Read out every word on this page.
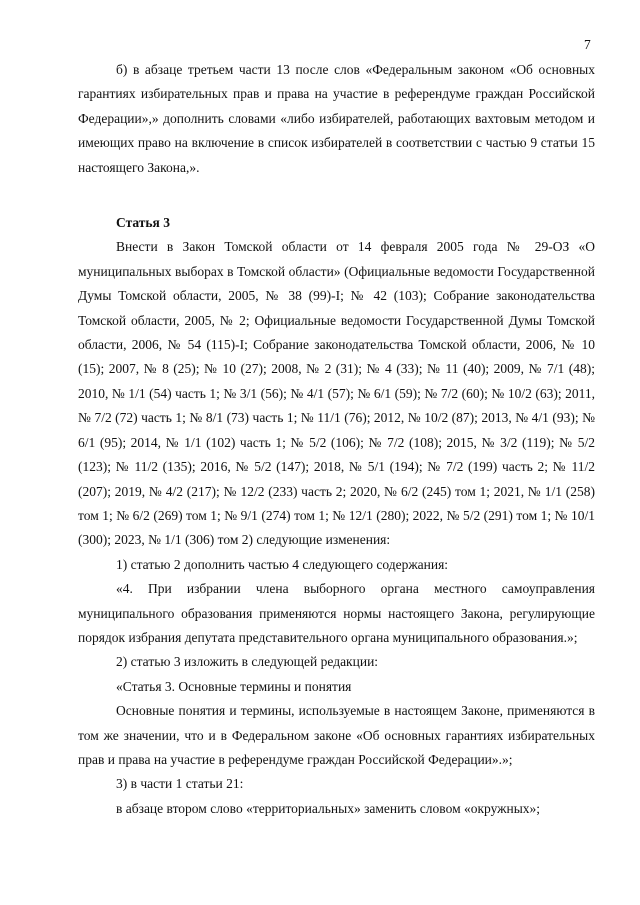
7

б) в абзаце третьем части 13 после слов «Федеральным законом «Об основных гарантиях избирательных прав и права на участие в референдуме граждан Российской Федерации»,» дополнить словами «либо избирателей, работающих вахтовым методом и имеющих право на включение в список избирателей в соответствии с частью 9 статьи 15 настоящего Закона,».

Статья 3

Внести в Закон Томской области от 14 февраля 2005 года № 29-ОЗ «О муниципальных выборах в Томской области» (Официальные ведомости Государственной Думы Томской области, 2005, № 38 (99)-I; № 42 (103); Собрание законодательства Томской области, 2005, № 2; Официальные ведомости Государственной Думы Томской области, 2006, № 54 (115)-I; Собрание законодательства Томской области, 2006, № 10 (15); 2007, № 8 (25); № 10 (27); 2008, № 2 (31); № 4 (33); № 11 (40); 2009, № 7/1 (48); 2010, № 1/1 (54) часть 1; № 3/1 (56); № 4/1 (57); № 6/1 (59); № 7/2 (60); № 10/2 (63); 2011, № 7/2 (72) часть 1; № 8/1 (73) часть 1; № 11/1 (76); 2012, № 10/2 (87); 2013, № 4/1 (93); № 6/1 (95); 2014, № 1/1 (102) часть 1; № 5/2 (106); № 7/2 (108); 2015, № 3/2 (119); № 5/2 (123); № 11/2 (135); 2016, № 5/2 (147); 2018, № 5/1 (194); № 7/2 (199) часть 2; № 11/2 (207); 2019, № 4/2 (217); № 12/2 (233) часть 2; 2020, № 6/2 (245) том 1; 2021, № 1/1 (258) том 1; № 6/2 (269) том 1; № 9/1 (274) том 1; № 12/1 (280); 2022, № 5/2 (291) том 1; № 10/1 (300); 2023, № 1/1 (306) том 2) следующие изменения:

1) статью 2 дополнить частью 4 следующего содержания:

«4. При избрании члена выборного органа местного самоуправления муниципального образования применяются нормы настоящего Закона, регулирующие порядок избрания депутата представительного органа муниципального образования.»;

2) статью 3 изложить в следующей редакции:

«Статья 3. Основные термины и понятия

Основные понятия и термины, используемые в настоящем Законе, применяются в том же значении, что и в Федеральном законе «Об основных гарантиях избирательных прав и права на участие в референдуме граждан Российской Федерации».»;

3) в части 1 статьи 21:

в абзаце втором слово «территориальных» заменить словом «окружных»;
